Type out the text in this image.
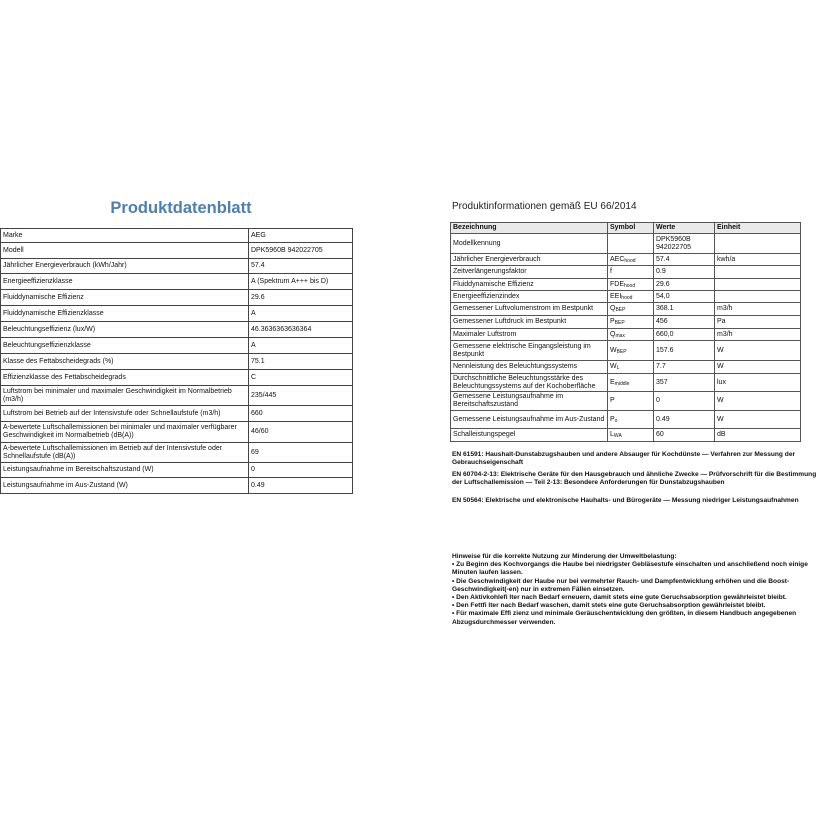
Produktdatenblatt
Marke	AEG
Modell	DPK5960B 942022705
Jährlicher Energieverbrauch (kWh/Jahr)	57.4
Energieeffizienzklasse	A (Spektrum A+++ bis D)
Fluiddynamische Effizienz	29.6
Fluiddynamische Effizienzklasse	A
Beleuchtungseffizienz (lux/W)	46.3636363636364
Beleuchtungseffizienzklasse	A
Klasse des Fettabscheidegrads (%)	75.1
Effizienzklasse des Fettabscheidegrads	C
Luftstrom bei minimaler und maximaler Geschwindigkeit im Normalbetrieb (m3/h)	235/445
Luftstrom bei Betrieb auf der Intensivstufe oder Schnellaufstufe (m3/h)	660
A-bewertete Luftschallemissionen bei minimaler und maximaler verfügbarer Geschwindigkeit im Normalbetrieb (dB(A))	46/60
A-bewertete Luftschallemissionen im Betrieb auf der Intensivstufe oder Schnellaufstufe (dB(A))	69
Leistungsaufnahme im Bereitschaftszustand (W)	0
Leistungsaufnahme im Aus-Zustand (W)	0.49
Produktinformationen gemäß EU 66/2014
Bezeichnung	Symbol	Werte	Einheit
Modellkennung		DPK5960B 942022705	
Jährlicher Energieverbrauch	$AEC_{hood}$	57.4	kwh/a
Zeitverlängerungsfaktor	f	0.9	
Fluiddynamische Effizienz	$FDE_{hood}$	29.6	
Energieeffizienzindex	$EEI_{hood}$	54,0	
Gemessener Luftvolumenstrom im Bestpunkt	$Q_{BEP}$	368.1	m3/h
Gemessener Luftdruck im Bestpunkt	$P_{BEP}$	456	Pa
Maximaler Luftstrom	$Q_{max}$	660,0	m3/h
Gemessene elektrische Eingangsleistung im Bestpunkt	$W_{BEP}$	157.6	W
Nennleistung des Beleuchtungssystems	$W_L$	7.7	W
Durchschnittliche Beleuchtungsstärke des Beleuchtungssystems auf der Kochoberfläche	$E_{middle}$	357	lux
Gemessene Leistungsaufnahme im Bereitschaftszustand	P	0	W
Gemessene Leistungsaufnahme im Aus-Zustand	$P_o$	0.49	W
Schalleistungspegel	$L_{WA}$	60	dB
EN 61591: Haushalt-Dunstabzugshauben und andere Absauger für Kochdünste — Verfahren zur Messung der Gebrauchseigenschaft
EN 60704-2-13: Elektrische Geräte für den Hausgebrauch und ähnliche Zwecke — Prüfvorschrift für die Bestimmung der Luftschallemission — Teil 2-13: Besondere Anforderungen für Dunstabzugshauben
EN 50564: Elektrische und elektronische Hauhalts- und Bürogeräte — Messung niedriger Leistungsaufnahmen
Hinweise für die korrekte Nutzung zur Minderung der Umweltbelastung:
• Zu Beginn des Kochvorgangs die Haube bei niedrigster Gebläsestufe einschalten und anschließend noch einige Minuten laufen lassen.
• Die Geschwindigkeit der Haube nur bei vermehrter Rauch- und Dampfentwicklung erhöhen und die Boost-Geschwindigkeit(-en) nur in extremen Fällen einsetzen.
• Den Aktivkohlefi lter nach Bedarf erneuern, damit stets eine gute Geruchsabsorption gewährleistet bleibt.
• Den Fettfi lter nach Bedarf waschen, damit stets eine gute Geruchsabsorption gewährleistet bleibt.
• Für maximale Effi zienz und minimale Geräuschentwicklung den größten, in diesem Handbuch angegebenen Abzugsdurchmesser verwenden.
